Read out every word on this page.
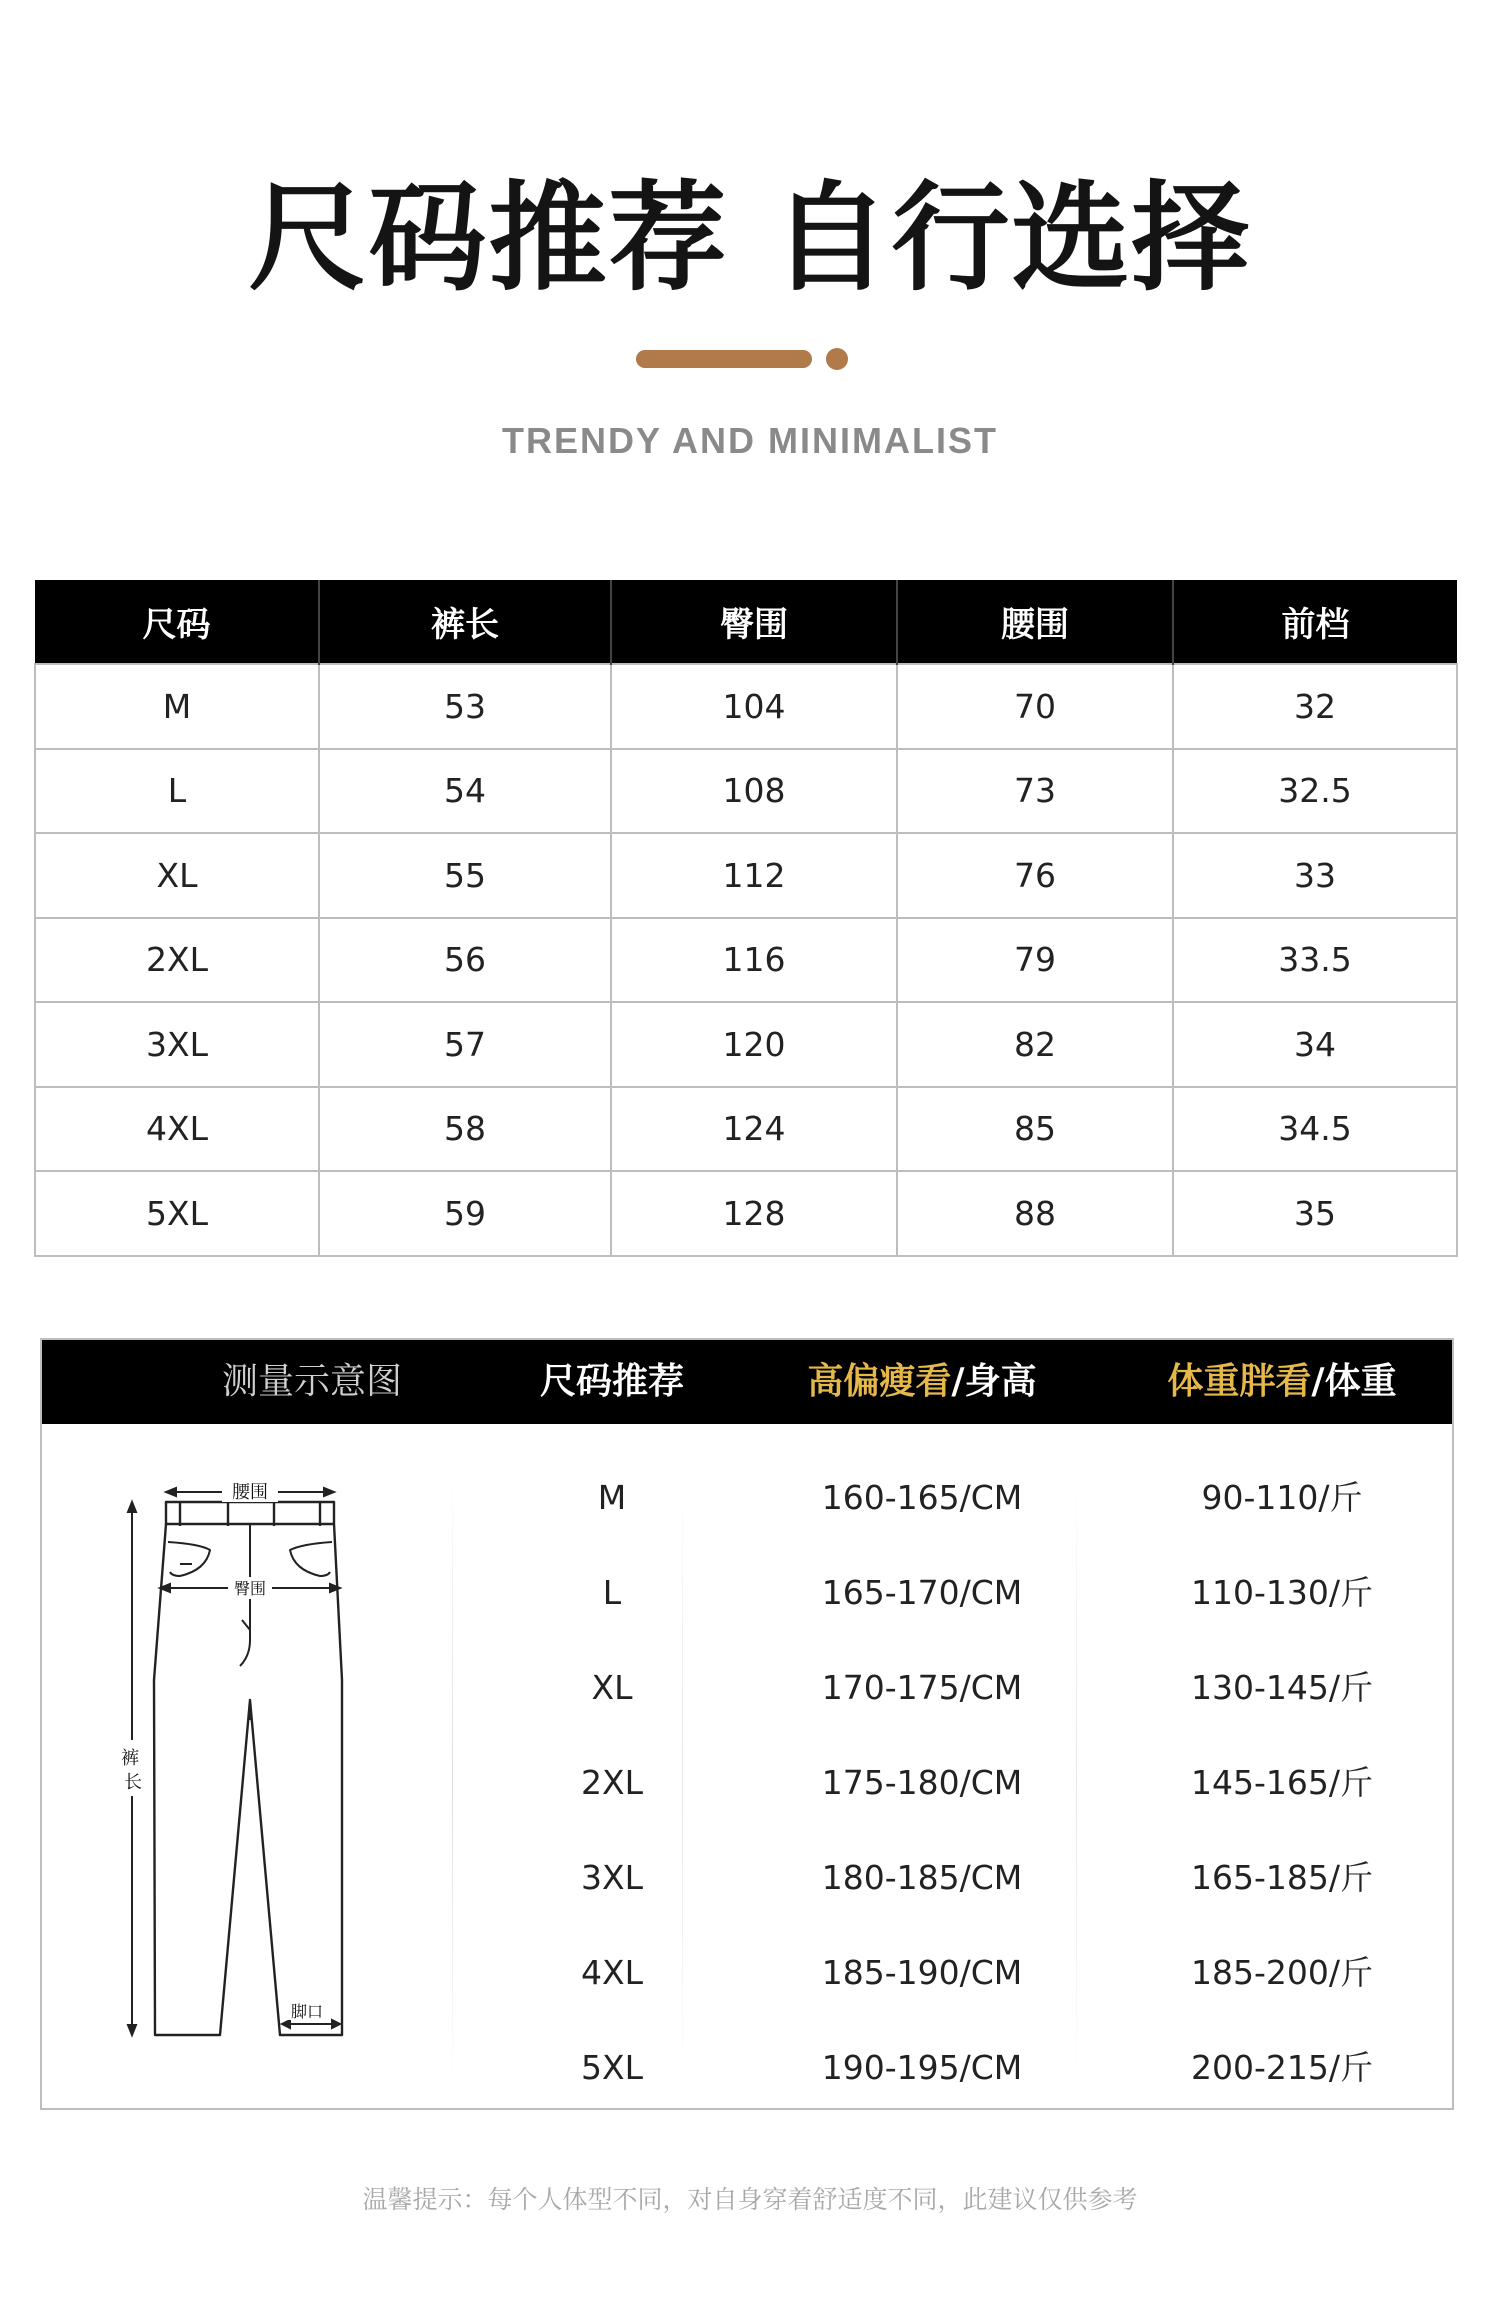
尺码推荐 自行选择
TRENDY AND MINIMALIST
尺码	裤长	臀围	腰围	前档
M	53	104	70	32
L	54	108	73	32.5
XL	55	112	76	33
2XL	56	116	79	33.5
3XL	57	120	82	34
4XL	58	124	85	34.5
5XL	59	128	88	35
测量示意图	尺码推荐	高偏瘦看/身高	体重胖看/体重
M	160-165/CM	90-110/斤
L	165-170/CM	110-130/斤
XL	170-175/CM	130-145/斤
2XL	175-180/CM	145-165/斤
3XL	180-185/CM	165-185/斤
4XL	185-190/CM	185-200/斤
5XL	190-195/CM	200-215/斤
腰围
臀围
裤 长
脚口
温馨提示：每个人体型不同，对自身穿着舒适度不同，此建议仅供参考
